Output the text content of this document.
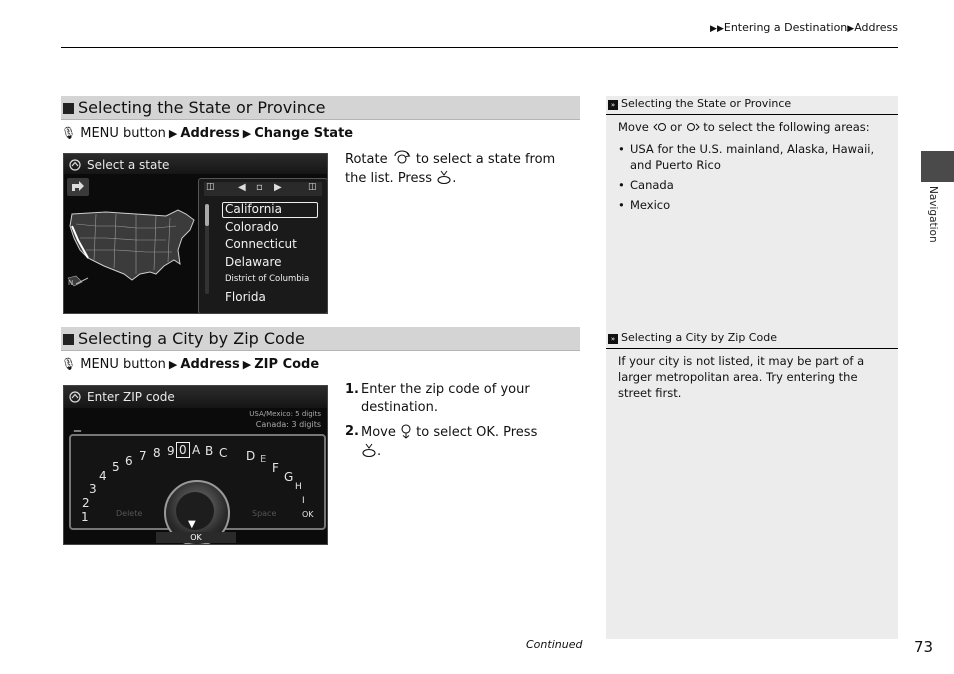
▶▶Entering a Destination▶Address
Selecting the State or Province
🎙 MENU button ▶ Address ▶ Change State
Select a state
N
◫ ◀ ▫ ▶	◫
California
Colorado
Connecticut
Delaware
District of Columbia
Florida
Rotate to select a state from the list. Press .
Selecting a City by Zip Code
🎙 MENU button ▶ Address ▶ ZIP Code
Enter ZIP code
USA/Mexico: 5 digits
Canada: 3 digits
_
1
2
3
4
5 6 7 8 9 0 A B C D E
F
G
H
I
OK
Delete	Space
▼
OK
1. Enter the zip code of your destination.
2. Move to select OK. Press .
» Selecting the State or Province
Move or to select the following areas:
• USA for the U.S. mainland, Alaska, Hawaii, and Puerto Rico
• Canada
• Mexico
» Selecting a City by Zip Code
If your city is not listed, it may be part of a larger metropolitan area. Try entering the street first.
Navigation
Continued	73
